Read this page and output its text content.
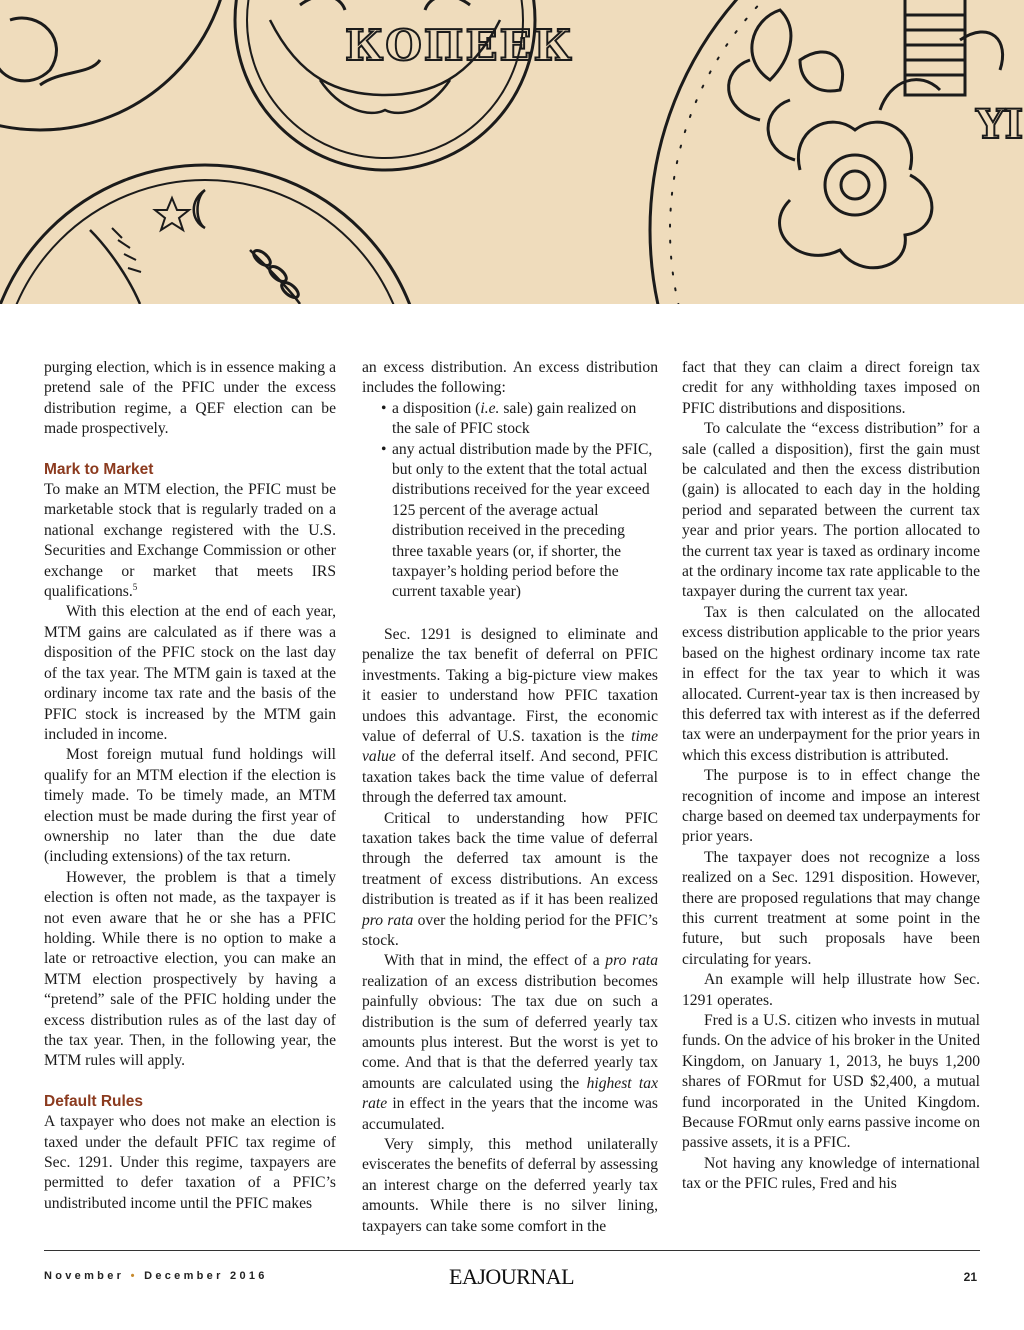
КОПЕЕК
YI

purging election, which is in essence making a pretend sale of the PFIC under the excess distribution regime, a QEF election can be made prospectively.

Mark to Market

To make an MTM election, the PFIC must be marketable stock that is regularly traded on a national exchange registered with the U.S. Securities and Exchange Commission or other exchange or market that meets IRS qualifications.$^5$

With this election at the end of each year, MTM gains are calculated as if there was a disposition of the PFIC stock on the last day of the tax year. The MTM gain is taxed at the ordinary income tax rate and the basis of the PFIC stock is increased by the MTM gain included in income.

Most foreign mutual fund holdings will qualify for an MTM election if the election is timely made. To be timely made, an MTM election must be made during the first year of ownership no later than the due date (including extensions) of the tax return.

However, the problem is that a timely election is often not made, as the taxpayer is not even aware that he or she has a PFIC holding. While there is no option to make a late or retroactive election, you can make an MTM election prospectively by having a “pretend” sale of the PFIC holding under the excess distribution rules as of the last day of the tax year. Then, in the following year, the MTM rules will apply.

Default Rules

A taxpayer who does not make an election is taxed under the default PFIC tax regime of Sec. 1291. Under this regime, taxpayers are permitted to defer taxation of a PFIC’s undistributed income until the PFIC makes

an excess distribution. An excess distribution includes the following:

• a disposition (i.e. sale) gain realized on the sale of PFIC stock
• any actual distribution made by the PFIC, but only to the extent that the total actual distributions received for the year exceed 125 percent of the average actual distribution received in the preceding three taxable years (or, if shorter, the taxpayer’s holding period before the current taxable year)

Sec. 1291 is designed to eliminate and penalize the tax benefit of deferral on PFIC investments. Taking a big-picture view makes it easier to understand how PFIC taxation undoes this advantage. First, the economic value of deferral of U.S. taxation is the time value of the deferral itself. And second, PFIC taxation takes back the time value of deferral through the deferred tax amount.

Critical to understanding how PFIC taxation takes back the time value of deferral through the deferred tax amount is the treatment of excess distributions. An excess distribution is treated as if it has been realized pro rata over the holding period for the PFIC’s stock.

With that in mind, the effect of a pro rata realization of an excess distribution becomes painfully obvious: The tax due on such a distribution is the sum of deferred yearly tax amounts plus interest. But the worst is yet to come. And that is that the deferred yearly tax amounts are calculated using the highest tax rate in effect in the years that the income was accumulated.

Very simply, this method unilaterally eviscerates the benefits of deferral by assessing an interest charge on the deferred yearly tax amounts. While there is no silver lining, taxpayers can take some comfort in the

fact that they can claim a direct foreign tax credit for any withholding taxes imposed on PFIC distributions and dispositions.

To calculate the “excess distribution” for a sale (called a disposition), first the gain must be calculated and then the excess distribution (gain) is allocated to each day in the holding period and separated between the current tax year and prior years. The portion allocated to the current tax year is taxed as ordinary income at the ordinary income tax rate applicable to the taxpayer during the current tax year.

Tax is then calculated on the allocated excess distribution applicable to the prior years based on the highest ordinary income tax rate in effect for the tax year to which it was allocated. Current-year tax is then increased by this deferred tax with interest as if the deferred tax were an underpayment for the prior years in which this excess distribution is attributed.

The purpose is to in effect change the recognition of income and impose an interest charge based on deemed tax underpayments for prior years.

The taxpayer does not recognize a loss realized on a Sec. 1291 disposition. However, there are proposed regulations that may change this current treatment at some point in the future, but such proposals have been circulating for years.

An example will help illustrate how Sec. 1291 operates.

Fred is a U.S. citizen who invests in mutual funds. On the advice of his broker in the United Kingdom, on January 1, 2013, he buys 1,200 shares of FORmut for USD $2,400, a mutual fund incorporated in the United Kingdom. Because FORmut only earns passive income on passive assets, it is a PFIC.

Not having any knowledge of international tax or the PFIC rules, Fred and his

November • December 2016	EAJOURNAL	21
